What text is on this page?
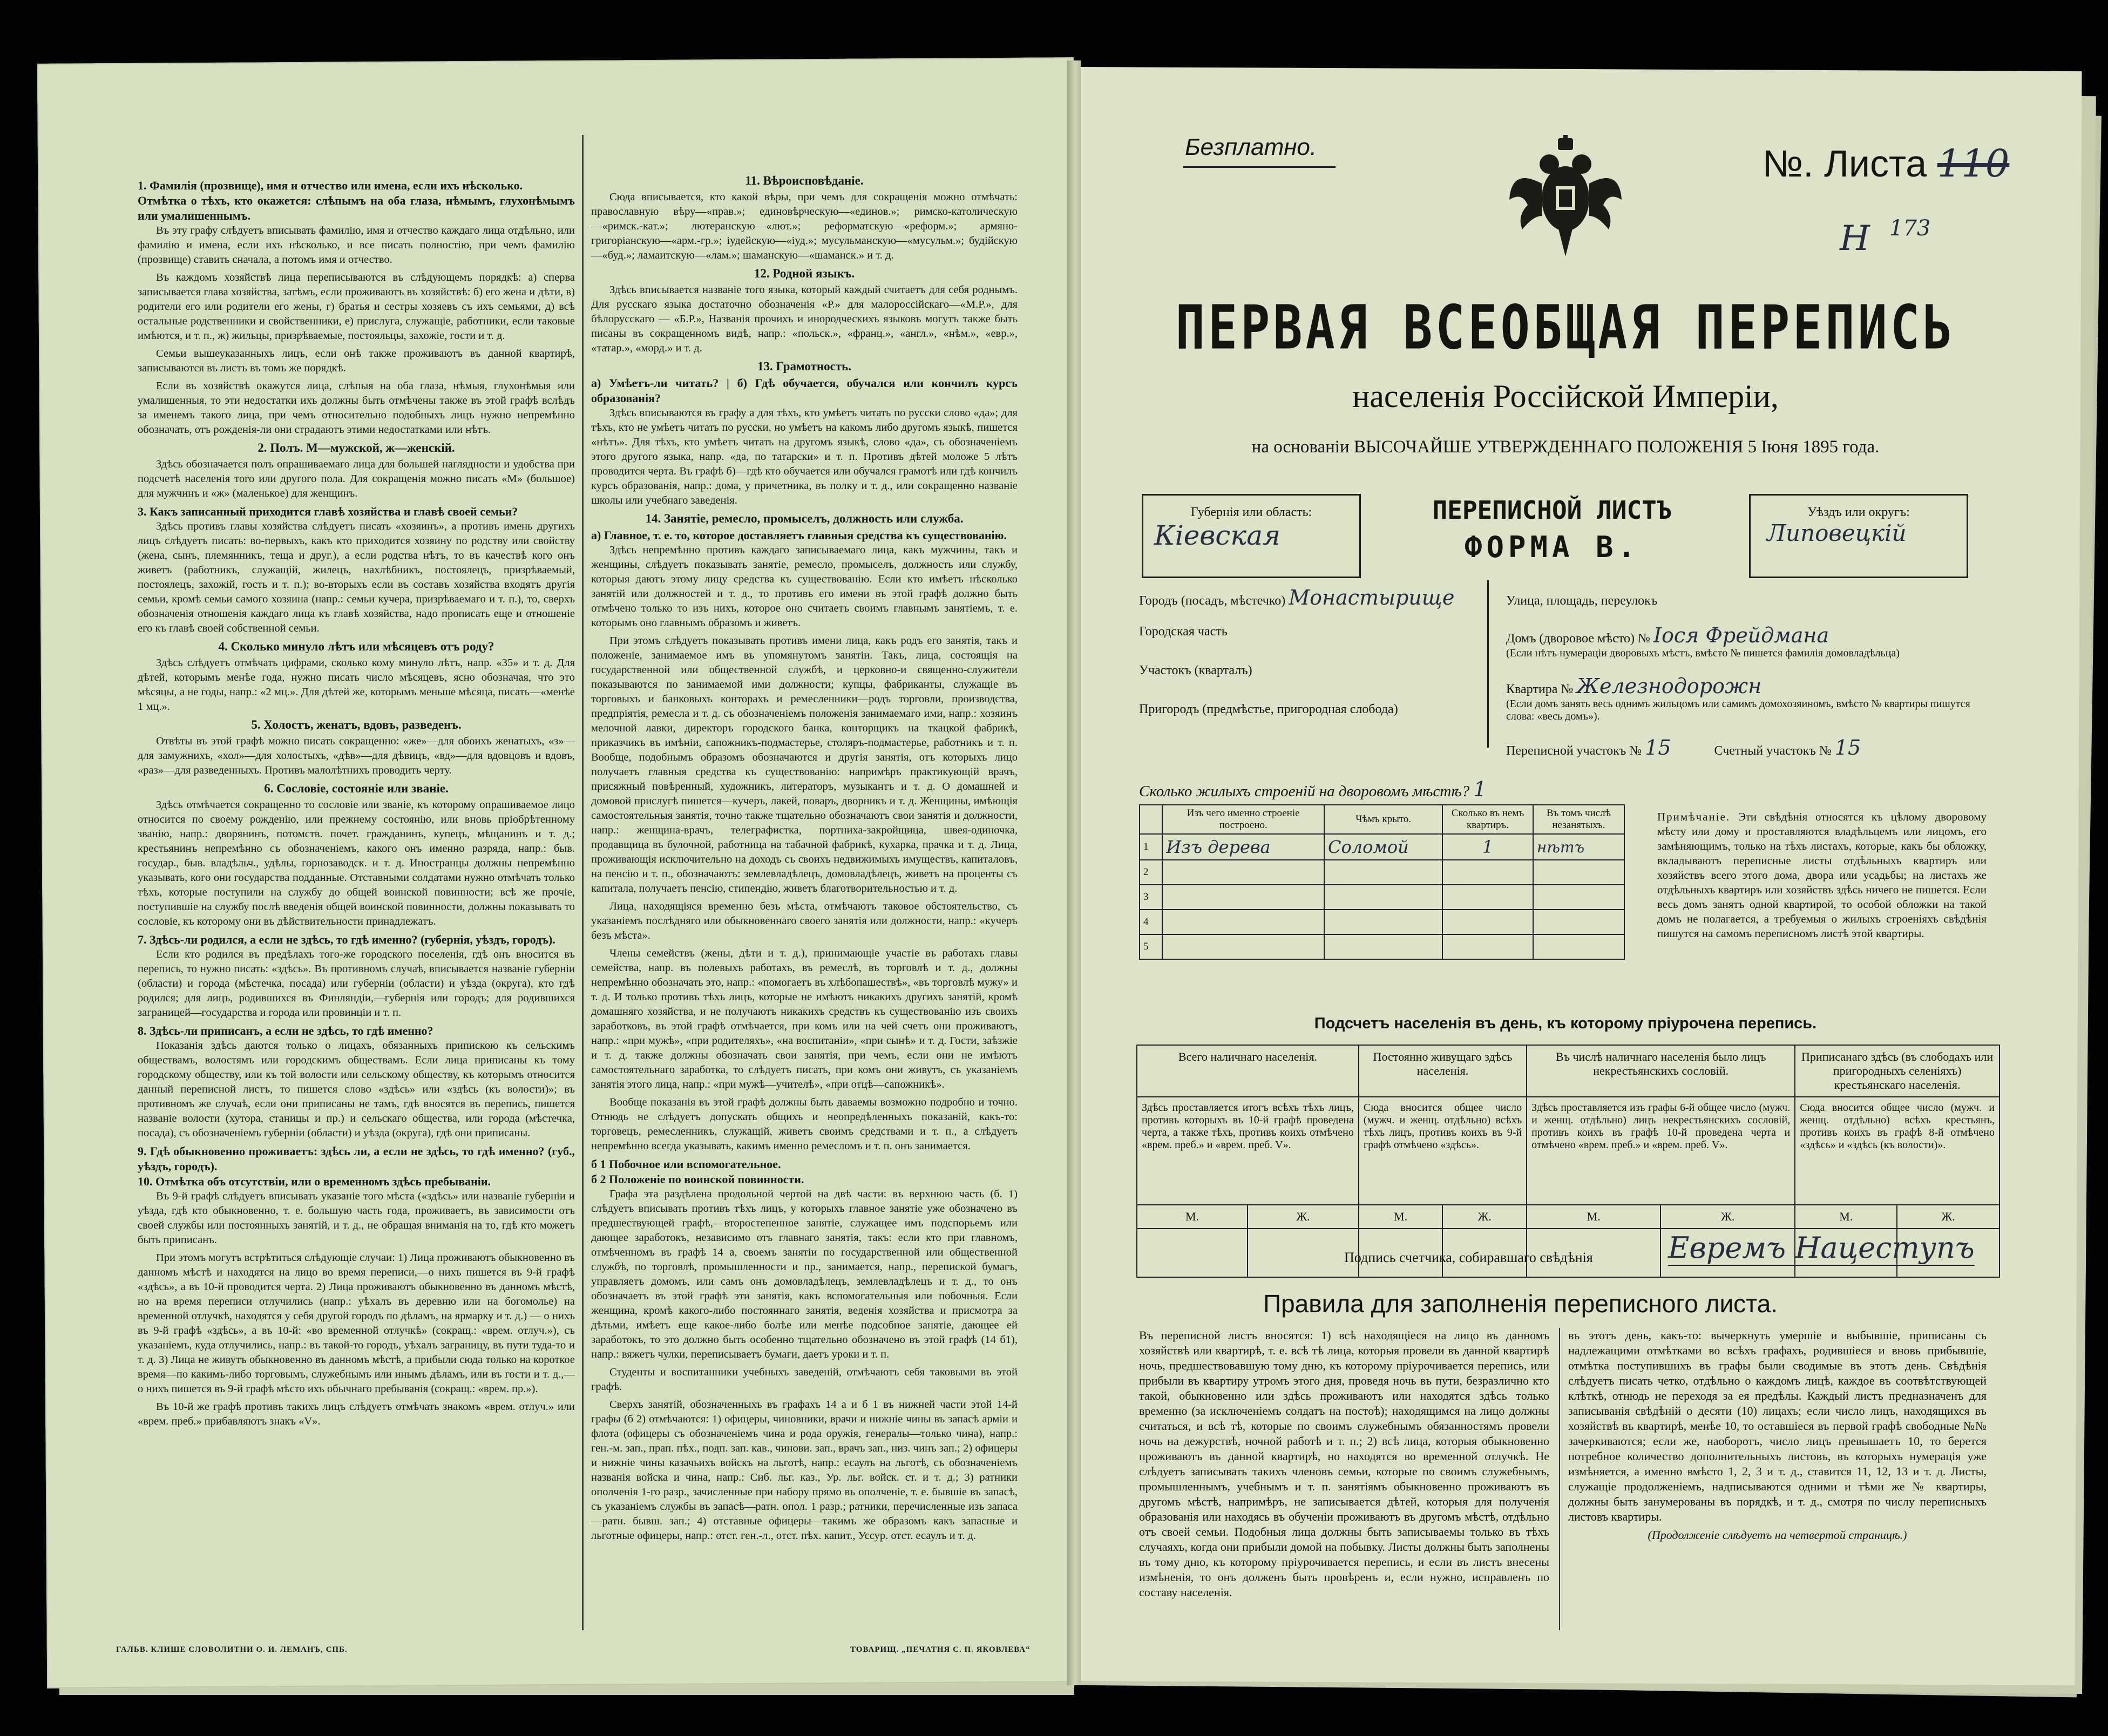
1. Фамилія (прозвище), имя и отчество или имена, если ихъ нѣсколько.
Отмѣтка о тѣхъ, кто окажется: слѣпымъ на оба глаза, нѣмымъ, глухонѣмымъ или умалишеннымъ.
Въ эту графу слѣдуетъ вписывать фамилію, имя и отчество каждаго лица отдѣльно, или фамилію и имена, если ихъ нѣсколько, и все писать полностію, при чемъ фамилію (прозвище) ставить сначала, а потомъ имя и отчество.
Въ каждомъ хозяйствѣ лица переписываются въ слѣдующемъ порядкѣ: а) сперва записывается глава хозяйства, затѣмъ, если проживаютъ въ хозяйствѣ: б) его жена и дѣти, в) родители его или родители его жены, г) братья и сестры хозяевъ съ ихъ семьями, д) всѣ остальные родственники и свойственники, е) прислуга, служащіе, работники, если таковые имѣются, и т. п., ж) жильцы, призрѣваемые, постояльцы, захожіе, гости и т. д.
Семьи вышеуказанныхъ лицъ, если онѣ также проживаютъ въ данной квартирѣ, записываются въ листъ въ томъ же порядкѣ.
Если въ хозяйствѣ окажутся лица, слѣпыя на оба глаза, нѣмыя, глухонѣмыя или умалишенныя, то эти недостатки ихъ должны быть отмѣчены также въ этой графѣ вслѣдъ за именемъ такого лица, при чемъ относительно подобныхъ лицъ нужно непремѣнно обозначать, отъ рожденія-ли они страдаютъ этими недостатками или нѣтъ.
2. Полъ. М—мужской, ж—женскій.
Здѣсь обозначается полъ опрашиваемаго лица для большей наглядности и удобства при подсчетѣ населенія того или другого пола. Для сокращенія можно писать «М» (большое) для мужчинъ и «ж» (маленькое) для женщинъ.
3. Какъ записанный приходится главѣ хозяйства и главѣ своей семьи?
Здѣсь противъ главы хозяйства слѣдуетъ писать «хозяинъ», а противъ имень другихъ лицъ слѣдуетъ писать: во-первыхъ, какъ кто приходится хозяину по родству или свойству (жена, сынъ, племянникъ, теща и друг.), а если родства нѣтъ, то въ качествѣ кого онъ живетъ (работникъ, служащій, жилецъ, нахлѣбникъ, постоялецъ, призрѣваемый, постоялецъ, захожій, гость и т. п.); во-вторыхъ если въ составъ хозяйства входятъ другія семьи, кромѣ семьи самого хозяина (напр.: семьи кучера, призрѣваемаго и т. п.), то, сверхъ обозначенія отношенія каждаго лица къ главѣ хозяйства, надо прописать еще и отношеніе его къ главѣ своей собственной семьи.
4. Сколько минуло лѣтъ или мѣсяцевъ отъ роду?
Здѣсь слѣдуетъ отмѣчать цифрами, сколько кому минуло лѣтъ, напр. «35» и т. д. Для дѣтей, которымъ менѣе года, нужно писать число мѣсяцевъ, ясно обозначая, что это мѣсяцы, а не годы, напр.: «2 мц.». Для дѣтей же, которымъ меньше мѣсяца, писать—«менѣе 1 мц.».
5. Холостъ, женатъ, вдовъ, разведенъ.
Отвѣты въ этой графѣ можно писать сокращенно: «же»—для обоихъ женатыхъ, «з»—для замужнихъ, «хол»—для холостыхъ, «дѣв»—для дѣвицъ, «вд»—для вдовцовъ и вдовъ, «раз»—для разведенныхъ. Противъ малолѣтнихъ проводить черту.
6. Сословіе, состояніе или званіе.
Здѣсь отмѣчается сокращенно то сословіе или званіе, къ которому опрашиваемое лицо относится по своему рожденію, или прежнему состоянію, или вновь пріобрѣтенному званію, напр.: дворянинъ, потомств. почет. гражданинъ, купецъ, мѣщанинъ и т. д.; крестьянинъ непремѣнно съ обозначеніемъ, какого онъ именно разряда, напр.: быв. государ., быв. владѣльч., удѣлы, горнозаводск. и т. д. Иностранцы должны непремѣнно указывать, кого они государства подданные. Отставными солдатами нужно отмѣчать только тѣхъ, которые поступили на службу до общей воинской повинности; всѣ же прочіе, поступившіе на службу послѣ введенія общей воинской повинности, должны показывать то сословіе, къ которому они въ дѣйствительности принадлежатъ.
7. Здѣсь-ли родился, а если не здѣсь, то гдѣ именно? (губернія, уѣздъ, городъ).
Если кто родился въ предѣлахъ того-же городского поселенія, гдѣ онъ вносится въ перепись, то нужно писать: «здѣсь». Въ противномъ случаѣ, вписывается названіе губерніи (области) и города (мѣстечка, посада) или губерніи (области) и уѣзда (округа), кто гдѣ родился; для лицъ, родившихся въ Финляндіи,—губернія или городъ; для родившихся заграницей—государства и города или провинціи и т. п.
8. Здѣсь-ли приписанъ, а если не здѣсь, то гдѣ именно?
Показанія здѣсь даются только о лицахъ, обязанныхъ припискою къ сельскимъ обществамъ, волостямъ или городскимъ обществамъ. Если лица приписаны къ тому городскому обществу, или къ той волости или сельскому обществу, къ которымъ относится данный переписной листъ, то пишется слово «здѣсь» или «здѣсь (къ волости)»; въ противномъ же случаѣ, если они приписаны не тамъ, гдѣ вносятся въ перепись, пишется названіе волости (хутора, станицы и пр.) и сельскаго общества, или города (мѣстечка, посада), съ обозначеніемъ губерніи (области) и уѣзда (округа), гдѣ они приписаны.
9. Гдѣ обыкновенно проживаетъ: здѣсь ли, а если не здѣсь, то гдѣ именно? (губ., уѣздъ, городъ).
10. Отмѣтка объ отсутствіи, или о временномъ здѣсь пребываніи.
Въ 9-й графѣ слѣдуетъ вписывать указаніе того мѣста («здѣсь» или названіе губерніи и уѣзда, гдѣ кто обыкновенно, т. е. большую часть года, проживаетъ, въ зависимости отъ своей службы или постоянныхъ занятій, и т. д., не обращая вниманія на то, гдѣ кто можетъ быть приписанъ.
При этомъ могутъ встрѣтиться слѣдующіе случаи: 1) Лица проживаютъ обыкновенно въ данномъ мѣстѣ и находятся на лицо во время переписи,—о нихъ пишется въ 9-й графѣ «здѣсь», а въ 10-й проводится черта. 2) Лица проживаютъ обыкновенно въ данномъ мѣстѣ, но на время переписи отлучились (напр.: уѣхалъ въ деревню или на богомолье) на временной отлучкѣ, находятся у себя другой городъ по дѣламъ, на ярмарку и т. д.) — о нихъ въ 9-й графѣ «здѣсь», а въ 10-й: «во временной отлучкѣ» (сокращ.: «врем. отлуч.»), съ указаніемъ, куда отлучились, напр.: въ такой-то городъ, уѣхалъ заграницу, въ пути туда-то и т. д. 3) Лица не живутъ обыкновенно въ данномъ мѣстѣ, а прибыли сюда только на короткое время—по какимъ-либо торговымъ, служебнымъ или инымъ дѣламъ, или въ гости и т. д.,—о нихъ пишется въ 9-й графѣ мѣсто ихъ обычнаго пребыванія (сокращ.: «врем. пр.»).
Въ 10-й же графѣ противъ такихъ лицъ слѣдуетъ отмѣчать знакомъ «врем. отлуч.» или «врем. преб.» прибавляютъ знакъ «V».
11. Вѣроисповѣданіе.
Сюда вписывается, кто какой вѣры, при чемъ для сокращенія можно отмѣчать: православную вѣру—«прав.»; единовѣрческую—«единов.»; римско-католическую—«римск.-кат.»; лютеранскую—«лют.»; реформатскую—«реформ.»; армяно-григоріанскую—«арм.-гр.»; іудейскую—«іуд.»; мусульманскую—«мусульм.»; будійскую—«буд.»; ламаитскую—«лам.»; шаманскую—«шаманск.» и т. д.
12. Родной языкъ.
Здѣсь вписывается названіе того языка, который каждый считаетъ для себя роднымъ. Для русскаго языка достаточно обозначенія «Р.» для малороссійскаго—«М.Р.», для бѣлорусскаго — «Б.Р.», Названія прочихъ и инородческихъ языковъ могутъ также быть писаны въ сокращенномъ видѣ, напр.: «польск.», «франц.», «англ.», «нѣм.», «евр.», «татар.», «морд.» и т. д.
13. Грамотность.
а) Умѣетъ-ли читать? | б) Гдѣ обучается, обучался или кончилъ курсъ образованія?
Здѣсь вписываются въ графу а для тѣхъ, кто умѣетъ читать по русски слово «да»; для тѣхъ, кто не умѣетъ читать по русски, но умѣетъ на какомъ либо другомъ языкѣ, пишется «нѣтъ». Для тѣхъ, кто умѣетъ читать на другомъ языкѣ, слово «да», съ обозначеніемъ этого другого языка, напр. «да, по татарски» и т. п. Противъ дѣтей моложе 5 лѣтъ проводится черта. Въ графѣ б)—гдѣ кто обучается или обучался грамотѣ или гдѣ кончилъ курсъ образованія, напр.: дома, у причетника, въ полку и т. д., или сокращенно названіе школы или учебнаго заведенія.
14. Занятіе, ремесло, промыселъ, должность или служба.
а) Главное, т. е. то, которое доставляетъ главныя средства къ существованію.
Здѣсь непремѣнно противъ каждаго записываемаго лица, какъ мужчины, такъ и женщины, слѣдуетъ показывать занятіе, ремесло, промыселъ, должность или службу, которыя даютъ этому лицу средства къ существованію. Если кто имѣетъ нѣсколько занятій или должностей и т. д., то противъ его имени въ этой графѣ должно быть отмѣчено только то изъ нихъ, которое оно считаетъ своимъ главнымъ занятіемъ, т. е. которымъ оно главнымъ образомъ и живетъ.
При этомъ слѣдуетъ показывать противъ имени лица, какъ родъ его занятія, такъ и положеніе, занимаемое имъ въ упомянутомъ занятіи. Такъ, лица, состоящія на государственной или общественной службѣ, и церковно-и священно-служители показываются по занимаемой ими должности; купцы, фабриканты, служащіе въ торговыхъ и банковыхъ конторахъ и ремесленники—родъ торговли, производства, предпріятія, ремесла и т. д. съ обозначеніемъ положенія занимаемаго ими, напр.: хозяинъ мелочной лавки, директоръ городского банка, конторщикъ на ткацкой фабрикѣ, приказчикъ въ имѣніи, сапожникъ-подмастерье, столяръ-подмастерье, работникъ и т. п. Вообще, подобнымъ образомъ обозначаются и другія занятія, отъ которыхъ лицо получаетъ главныя средства къ существованію: напримѣръ практикующій врачъ, присяжный повѣренный, художникъ, литераторъ, музыкантъ и т. д. О домашней и домовой прислугѣ пишется—кучеръ, лакей, поваръ, дворникъ и т. д. Женщины, имѣющія самостоятельныя занятія, точно также тщательно обозначаютъ свои занятія и должности, напр.: женщина-врачъ, телеграфистка, портниха-закройщица, швея-одиночка, продавщица въ булочной, работница на табачной фабрикѣ, кухарка, прачка и т. д. Лица, проживающія исключительно на доходъ съ своихъ недвижимыхъ имуществъ, капиталовъ, на пенсію и т. п., обозначаютъ: землевладѣлецъ, домовладѣлецъ, живетъ на проценты съ капитала, получаетъ пенсію, стипендію, живетъ благотворительностью и т. д.
Лица, находящіяся временно безъ мѣста, отмѣчаютъ таковое обстоятельство, съ указаніемъ послѣдняго или обыкновеннаго своего занятія или должности, напр.: «кучеръ безъ мѣста».
Члены семействъ (жены, дѣти и т. д.), принимающіе участіе въ работахъ главы семейства, напр. въ полевыхъ работахъ, въ ремеслѣ, въ торговлѣ и т. д., должны непремѣнно обозначать это, напр.: «помогаетъ въ хлѣбопашествѣ», «въ торговлѣ мужу» и т. д. И только противъ тѣхъ лицъ, которые не имѣютъ никакихъ другихъ занятій, кромѣ домашняго хозяйства, и не получаютъ никакихъ средствъ къ существованію изъ своихъ заработковъ, въ этой графѣ отмѣчается, при комъ или на чей счетъ они проживаютъ, напр.: «при мужѣ», «при родителяхъ», «на воспитаніи», «при сынѣ» и т. д. Гости, заѣзжіе и т. д. также должны обозначать свои занятія, при чемъ, если они не имѣютъ самостоятельнаго заработка, то слѣдуетъ писать, при комъ они живутъ, съ указаніемъ занятія этого лица, напр.: «при мужѣ—учителѣ», «при отцѣ—сапожникѣ».
Вообще показанія въ этой графѣ должны быть даваемы возможно подробно и точно. Отнюдь не слѣдуетъ допускать общихъ и неопредѣленныхъ показаній, какъ-то: торговецъ, ремесленникъ, служащій, живетъ своимъ средствами и т. п., а слѣдуетъ непремѣнно всегда указывать, какимъ именно ремесломъ и т. п. онъ занимается.
б 1 Побочное или вспомогательное.
б 2 Положеніе по воинской повинности.
Графа эта раздѣлена продольной чертой на двѣ части: въ верхнюю часть (б. 1) слѣдуетъ вписывать противъ тѣхъ лицъ, у которыхъ главное занятіе уже обозначено въ предшествующей графѣ,—второстепенное занятіе, служащее имъ подспорьемъ или дающее заработокъ, независимо отъ главнаго занятія, такъ: если кто при главномъ, отмѣченномъ въ графѣ 14 а, своемъ занятіи по государственной или общественной службѣ, по торговлѣ, промышленности и пр., занимается, напр., перепиской бумагъ, управляетъ домомъ, или самъ онъ домовладѣлецъ, землевладѣлецъ и т. д., то онъ обозначаетъ въ этой графѣ эти занятія, какъ вспомогательныя или побочныя. Если женщина, кромѣ какого-либо постояннаго занятія, веденія хозяйства и присмотра за дѣтьми, имѣетъ еще какое-либо болѣе или менѣе подсобное занятіе, дающее ей заработокъ, то это должно быть особенно тщательно обозначено въ этой графѣ (14 б1), напр.: вяжетъ чулки, переписываетъ бумаги, даетъ уроки и т. п.
Студенты и воспитанники учебныхъ заведеній, отмѣчаютъ себя таковыми въ этой графѣ.
Сверхъ занятій, обозначенныхъ въ графахъ 14 а и б 1 въ нижней части этой 14-й графы (б 2) отмѣчаются: 1) офицеры, чиновники, врачи и нижніе чины въ запасѣ арміи и флота (офицеры съ обозначеніемъ чина и рода оружія, генералы—только чина), напр.: ген.-м. зап., прап. пѣх., подп. зап. кав., чинови. зап., врачъ зап., низ. чинъ зап.; 2) офицеры и нижніе чины казачьихъ войскъ на льготѣ, напр.: есаулъ на льготѣ, съ обозначеніемъ названія войска и чина, напр.: Сиб. льг. каз., Ур. льг. войск. ст. и т. д.; 3) ратники ополченія 1-го разр., зачисленные при набору прямо въ ополченіе, т. е. бывшіе въ запасѣ, съ указаніемъ службы въ запасѣ—ратн. опол. 1 разр.; ратники, перечисленные изъ запаса—ратн. бывш. зап.; 4) отставные офицеры—такимъ же образомъ какъ запасные и льготные офицеры, напр.: отст. ген.-л., отст. пѣх. капит., Уссур. отст. есаулъ и т. д.
ГАЛЬВ. КЛИШЕ СЛОВОЛИТНИ О. И. ЛЕМАНЪ, СПБ.	ТОВАРИЩ. „ПЕЧАТНЯ С. П. ЯКОВЛЕВА“
Безплатно.	№. Листа 110
Н 173
ПЕРВАЯ ВСЕОБЩАЯ ПЕРЕПИСЬ
населенія Россійской Имперіи,
на основаніи ВЫСОЧАЙШЕ УТВЕРЖДЕННАГО ПОЛОЖЕНІЯ 5 Іюня 1895 года.
Губернія или область:
Кіевская
ПЕРЕПИСНОЙ ЛИСТЪ
ФОРМА В.
Уѣздъ или округъ:
Липовецкій
Городъ (посадъ, мѣстечко) Монастырище
Городская часть
Участокъ (кварталъ)
Пригородъ (предмѣстье, пригородная слобода)
Улица, площадь, переулокъ
Домъ (дворовое мѣсто) № Іося Фрейдмана
(Если нѣтъ нумераціи дворовыхъ мѣстъ, вмѣсто № пишется фамилія домовладѣльца)
Квартира № Железнодорожн
(Если домъ занять весь однимъ жильцомъ или самимъ домохозяиномъ, вмѣсто № квартиры пишутся слова: «весь домъ»).
Переписной участокъ № 15	Счетный участокъ № 15
Сколько жилыхъ строеній на дворовомъ мѣстѣ? 1
	Изъ чего именно строеніе построено.	Чѣмъ крыто.	Сколько въ немъ квартиръ.	Въ томъ числѣ незанятыхъ.
1	Изъ дерева	Соломой	1	нѣтъ
2				
3				
4				
5				
Примѣчаніе. Эти свѣдѣнія относятся къ цѣлому дворовому мѣсту или дому и проставляются владѣльцемъ или лицомъ, его замѣняющимъ, только на тѣхъ листахъ, которые, какъ бы обложку, вкладываютъ переписные листы отдѣльныхъ квартиръ или хозяйствъ всего этого дома, двора или усадьбы; на листахъ же отдѣльныхъ квартиръ или хозяйствъ здѣсь ничего не пишется. Если весь домъ занятъ одной квартирой, то особой обложки на такой домъ не полагается, а требуемыя о жилыхъ строеніяхъ свѣдѣнія пишутся на самомъ переписномъ листѣ этой квартиры.
Подсчетъ населенія въ день, къ которому пріурочена перепись.
Всего наличнаго населенія.		Постоянно живущаго здѣсь населенія.		Въ числѣ наличнаго населенія было лицъ некрестьянскихъ сословій.		Приписанаго здѣсь (въ слободахъ или пригородныхъ селеніяхъ) крестьянскаго населенія.	
Здѣсь проставляется итогъ всѣхъ тѣхъ лицъ, противъ которыхъ въ 10-й графѣ проведена черта, а также тѣхъ, противъ коихъ отмѣчено «врем. преб.» и «врем. преб. V».		Сюда вносится общее число (мужч. и женщ. отдѣльно) всѣхъ тѣхъ лицъ, противъ коихъ въ 9-й графѣ отмѣчено «здѣсь».		Здѣсь проставляется изъ графы 6-й общее число (мужч. и женщ. отдѣльно) лицъ некрестьянскихъ сословій, противъ коихъ въ графѣ 10-й проведена черта и отмѣчено «врем. преб.» и «врем. преб. V».		Сюда вносится общее число (мужч. и женщ. отдѣльно) всѣхъ крестьянъ, противъ коихъ въ графѣ 8-й отмѣчено «здѣсь» и «здѣсь (къ волости)».	
М.	Ж.	М.	Ж.	М.	Ж.	М.	Ж.

Подпись счетчика, собиравшаго свѣдѣнія	Евремъ Нацеступъ
Правила для заполненія переписного листа.
Въ переписной листъ вносятся: 1) всѣ находящіеся на лицо въ данномъ хозяйствѣ или квартирѣ, т. е. всѣ тѣ лица, которыя провели въ данной квартирѣ ночь, предшествовавшую тому дню, къ которому пріурочивается перепись, или прибыли въ квартиру утромъ этого дня, проведя ночь въ пути, безразлично кто такой, обыкновенно или здѣсь проживаютъ или находятся здѣсь только временно (за исключеніемъ солдатъ на постоѣ); находящимся на лицо должны считаться, и всѣ тѣ, которые по своимъ служебнымъ обязанностямъ провели ночь на дежурствѣ, ночной работѣ и т. п.; 2) всѣ лица, которыя обыкновенно проживаютъ въ данной квартирѣ, но находятся во временной отлучкѣ. Не слѣдуетъ записывать такихъ членовъ семьи, которые по своимъ служебнымъ, промышленнымъ, учебнымъ и т. п. занятіямъ обыкновенно проживаютъ въ другомъ мѣстѣ, напримѣръ, не записывается дѣтей, которыя для полученія образованія или находясь въ обученіи проживаютъ въ другомъ мѣстѣ, отдѣльно отъ своей семьи. Подобныя лица должны быть записываемы только въ тѣхъ случаяхъ, когда они прибыли домой на побывку. Листы должны быть заполнены въ тому дню, къ которому пріурочивается перепись, и если въ листъ внесены измѣненія, то онъ долженъ быть провѣренъ и, если нужно, исправленъ по составу населенія.
въ этотъ день, какъ-то: вычеркнуть умершіе и выбывшіе, приписаны съ надлежащими отмѣтками во всѣхъ графахъ, родившіеся и вновь прибывшіе, отмѣтка поступившихъ въ графы были сводимые въ этотъ день. Свѣдѣнія слѣдуетъ писать четко, отдѣльно о каждомъ лицѣ, каждое въ соотвѣтствующей клѣткѣ, отнюдь не переходя за ея предѣлы. Каждый листъ предназначенъ для записыванія свѣдѣній о десяти (10) лицахъ; если число лицъ, находящихся въ хозяйствѣ въ квартирѣ, менѣе 10, то оставшіеся въ первой графѣ свободные №№ зачеркиваются; если же, наоборотъ, число лицъ превышаетъ 10, то берется потребное количество дополнительныхъ листовъ, въ которыхъ нумерація уже измѣняется, а именно вмѣсто 1, 2, 3 и т. д., ставится 11, 12, 13 и т. д. Листы, служащіе продолженіемъ, надписываются одними и тѣми же № квартиры, должны быть занумерованы въ порядкѣ, и т. д., смотря по числу переписныхъ листовъ квартиры.
(Продолженіе слѣдуетъ на четвертой страницѣ.)
